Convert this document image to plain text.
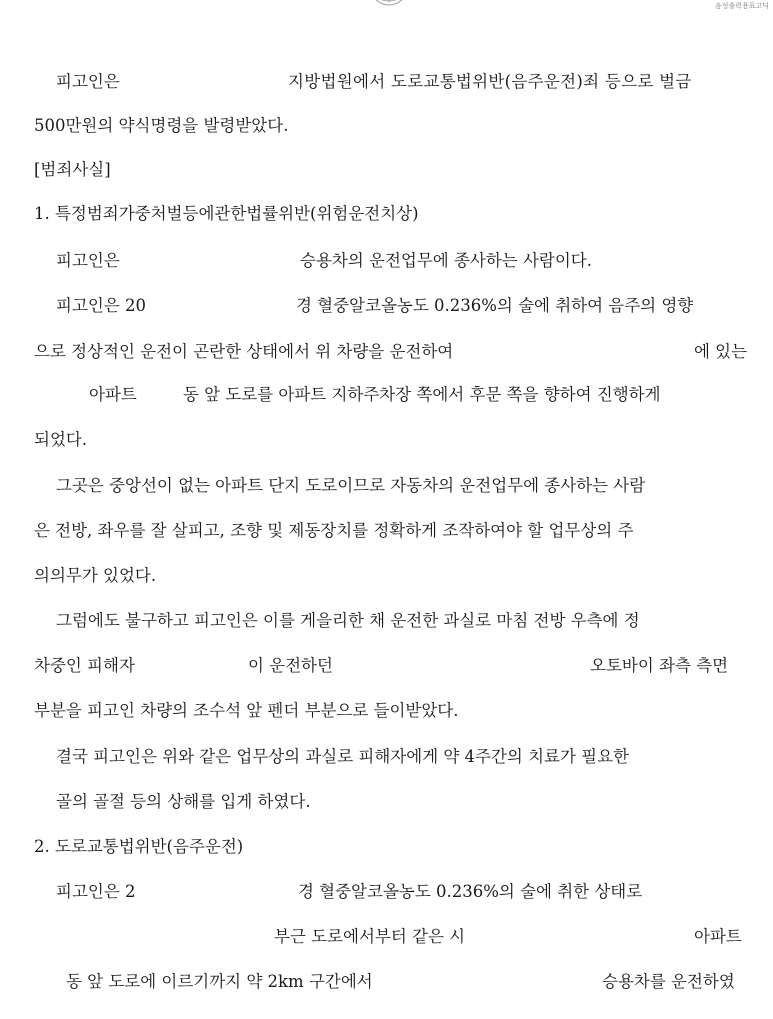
음성출력용표고딕
피고인은	지방법원에서 도로교통법위반(음주운전)죄 등으로 벌금
500만원의 약식명령을 발령받았다.
[범죄사실]
1. 특정범죄가중처벌등에관한법률위반(위험운전치상)
피고인은	승용차의 운전업무에 종사하는 사람이다.
피고인은 20	경 혈중알코올농도 0.236%의 술에 취하여 음주의 영향
으로 정상적인 운전이 곤란한 상태에서 위 차량을 운전하여	에 있는
아파트	동 앞 도로를 아파트 지하주차장 쪽에서 후문 쪽을 향하여 진행하게
되었다.
그곳은 중앙선이 없는 아파트 단지 도로이므로 자동차의 운전업무에 종사하는 사람
은 전방, 좌우를 잘 살피고, 조향 및 제동장치를 정확하게 조작하여야 할 업무상의 주
의의무가 있었다.
그럼에도 불구하고 피고인은 이를 게을리한 채 운전한 과실로 마침 전방 우측에 정
차중인 피해자	이 운전하던	오토바이 좌측 측면
부분을 피고인 차량의 조수석 앞 펜더 부분으로 들이받았다.
결국 피고인은 위와 같은 업무상의 과실로 피해자에게 약 4주간의 치료가 필요한
골의 골절 등의 상해를 입게 하였다.
2. 도로교통법위반(음주운전)
피고인은 2	경 혈중알코올농도 0.236%의 술에 취한 상태로
부근 도로에서부터 같은 시	아파트
동 앞 도로에 이르기까지 약 2km 구간에서	승용차를 운전하였
